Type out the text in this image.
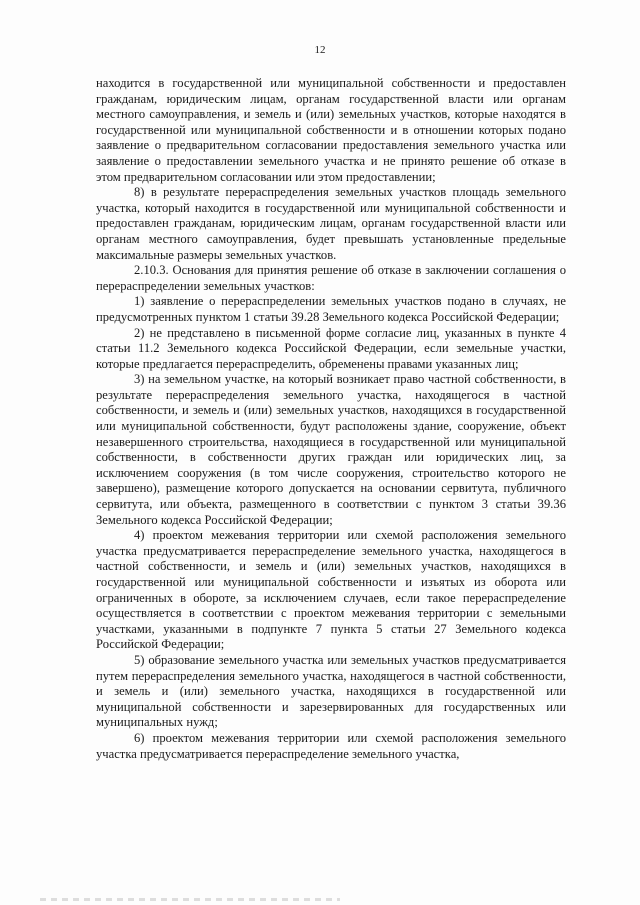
12

находится в государственной или муниципальной собственности и предоставлен гражданам, юридическим лицам, органам государственной власти или органам местного самоуправления, и земель и (или) земельных участков, которые находятся в государственной или муниципальной собственности и в отношении которых подано заявление о предварительном согласовании предоставления земельного участка или заявление о предоставлении земельного участка и не принято решение об отказе в этом предварительном согласовании или этом предоставлении;

8) в результате перераспределения земельных участков площадь земельного участка, который находится в государственной или муниципальной собственности и предоставлен гражданам, юридическим лицам, органам государственной власти или органам местного самоуправления, будет превышать установленные предельные максимальные размеры земельных участков.

2.10.3. Основания для принятия решение об отказе в заключении соглашения о перераспределении земельных участков:

1) заявление о перераспределении земельных участков подано в случаях, не предусмотренных пунктом 1 статьи 39.28 Земельного кодекса Российской Федерации;

2) не представлено в письменной форме согласие лиц, указанных в пункте 4 статьи 11.2 Земельного кодекса Российской Федерации, если земельные участки, которые предлагается перераспределить, обременены правами указанных лиц;

3) на земельном участке, на который возникает право частной собственности, в результате перераспределения земельного участка, находящегося в частной собственности, и земель и (или) земельных участков, находящихся в государственной или муниципальной собственности, будут расположены здание, сооружение, объект незавершенного строительства, находящиеся в государственной или муниципальной собственности, в собственности других граждан или юридических лиц, за исключением сооружения (в том числе сооружения, строительство которого не завершено), размещение которого допускается на основании сервитута, публичного сервитута, или объекта, размещенного в соответствии с пунктом 3 статьи 39.36 Земельного кодекса Российской Федерации;

4) проектом межевания территории или схемой расположения земельного участка предусматривается перераспределение земельного участка, находящегося в частной собственности, и земель и (или) земельных участков, находящихся в государственной или муниципальной собственности и изъятых из оборота или ограниченных в обороте, за исключением случаев, если такое перераспределение осуществляется в соответствии с проектом межевания территории с земельными участками, указанными в подпункте 7 пункта 5 статьи 27 Земельного кодекса Российской Федерации;

5) образование земельного участка или земельных участков предусматривается путем перераспределения земельного участка, находящегося в частной собственности, и земель и (или) земельного участка, находящихся в государственной или муниципальной собственности и зарезервированных для государственных или муниципальных нужд;

6) проектом межевания территории или схемой расположения земельного участка предусматривается перераспределение земельного участка,
